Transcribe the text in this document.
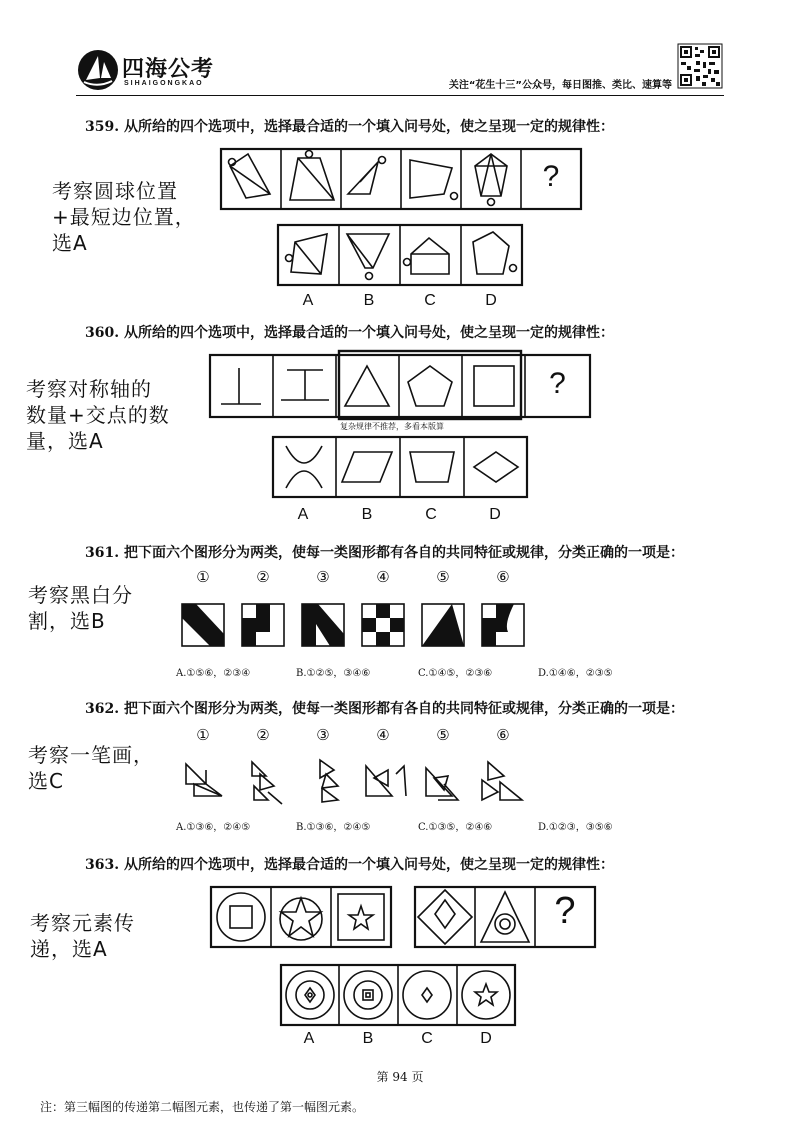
四海公考
SIHAIGONGKAO	关注“花生十三”公众号，每日图推、类比、速算等
359. 从所给的四个选项中，选择最合适的一个填入问号处，使之呈现一定的规律性：
考察圆球位置
+最短边位置，
选A
?
A	B	C	D
360. 从所给的四个选项中，选择最合适的一个填入问号处，使之呈现一定的规律性：
考察对称轴的
数量+交点的数
量，选A
?
复杂规律不推荐，多看本版算
A	B	C	D
361. 把下面六个图形分为两类，使每一类图形都有各自的共同特征或规律，分类正确的一项是：
考察黑白分
割，选B
①	②	③	④	⑤	⑥
A.①⑤⑥，②③④	B.①②⑤，③④⑥	C.①④⑤，②③⑥	D.①④⑥，②③⑤
362. 把下面六个图形分为两类，使每一类图形都有各自的共同特征或规律，分类正确的一项是：
考察一笔画，
选C
①	②	③	④	⑤	⑥
A.①③⑥，②④⑤	B.①③⑥，②④⑤	C.①③⑤，②④⑥	D.①②③，③⑤⑥
363. 从所给的四个选项中，选择最合适的一个填入问号处，使之呈现一定的规律性：
考察元素传
递，选A
?
A	B	C	D
第 94 页
注：第三幅图的传递第二幅图元素，也传递了第一幅图元素。
